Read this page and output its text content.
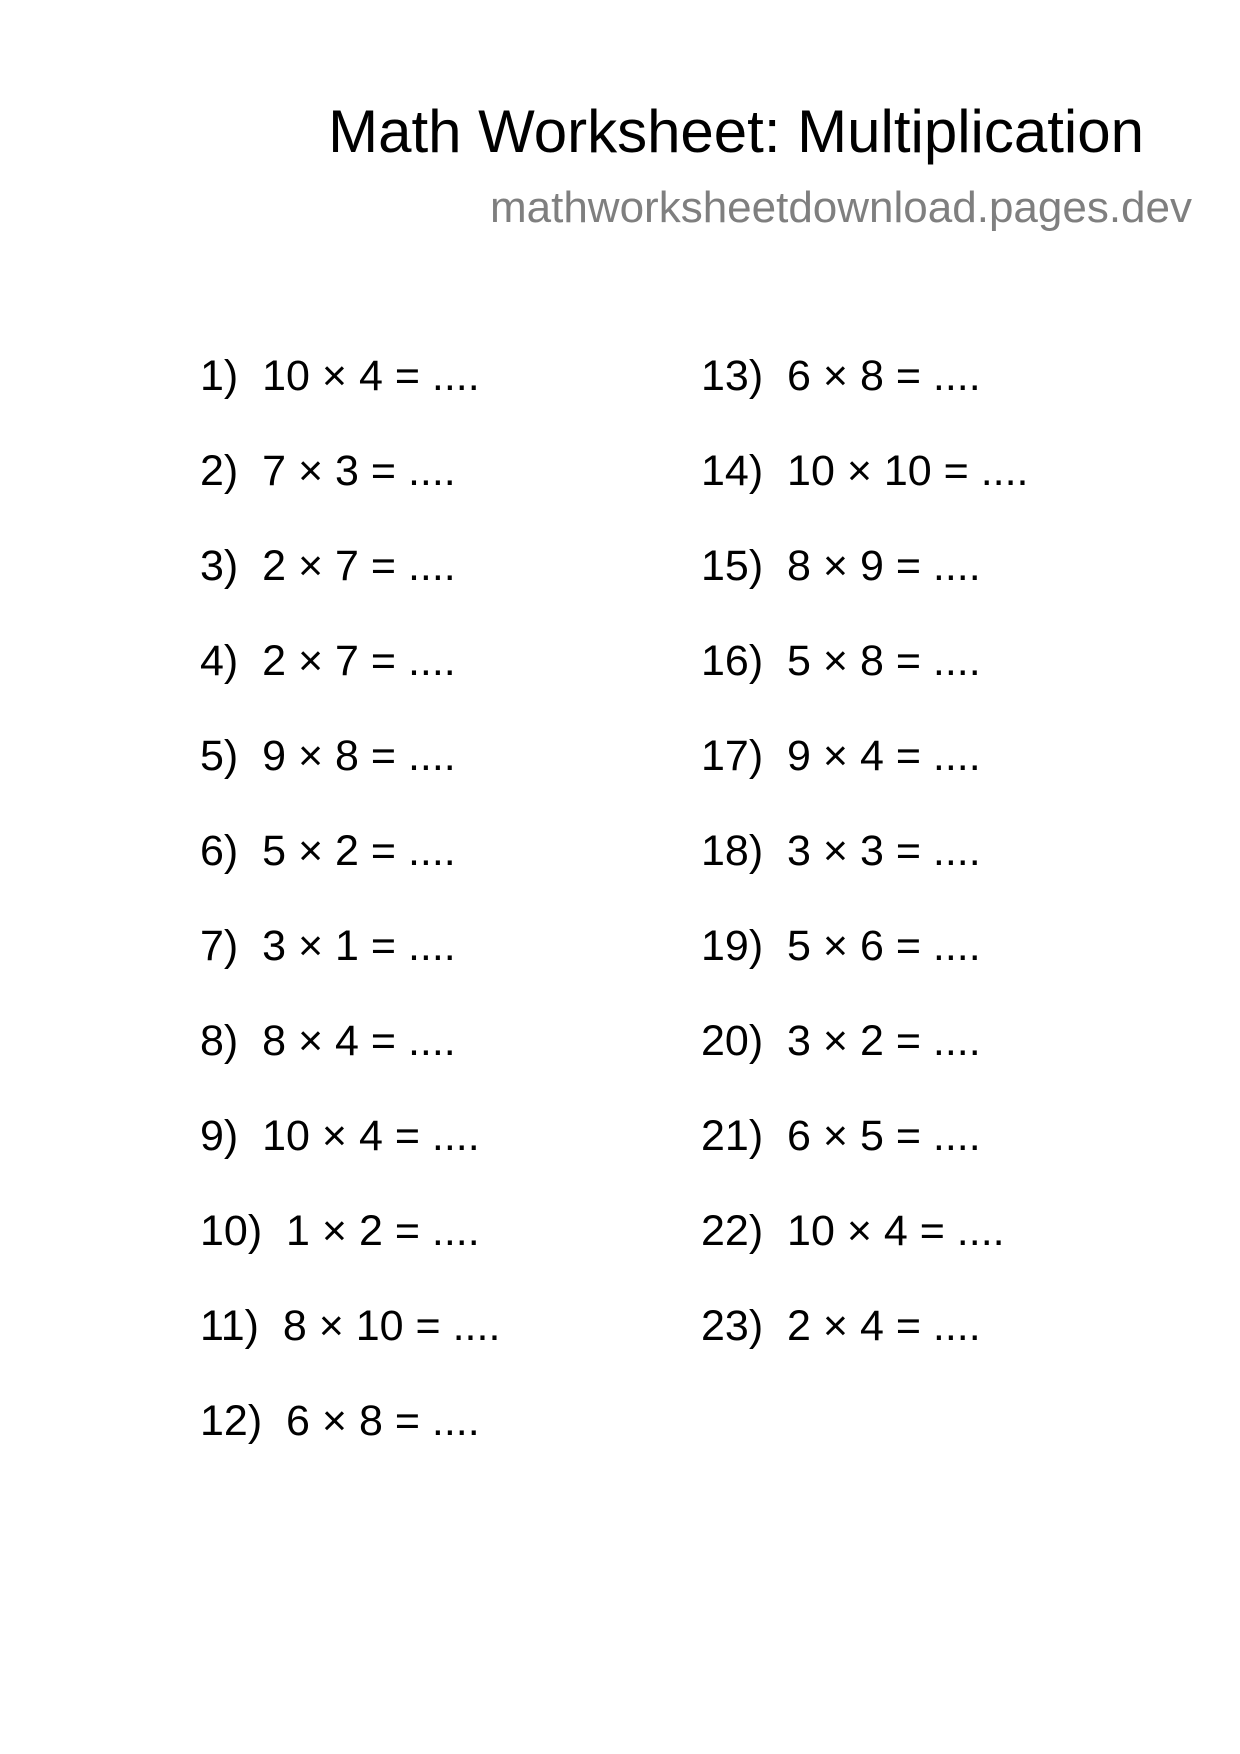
Math Worksheet: Multiplication
mathworksheetdownload.pages.dev
1)  10 × 4 = ....
2)  7 × 3 = ....
3)  2 × 7 = ....
4)  2 × 7 = ....
5)  9 × 8 = ....
6)  5 × 2 = ....
7)  3 × 1 = ....
8)  8 × 4 = ....
9)  10 × 4 = ....
10)  1 × 2 = ....
11)  8 × 10 = ....
12)  6 × 8 = ....
13)  6 × 8 = ....
14)  10 × 10 = ....
15)  8 × 9 = ....
16)  5 × 8 = ....
17)  9 × 4 = ....
18)  3 × 3 = ....
19)  5 × 6 = ....
20)  3 × 2 = ....
21)  6 × 5 = ....
22)  10 × 4 = ....
23)  2 × 4 = ....
